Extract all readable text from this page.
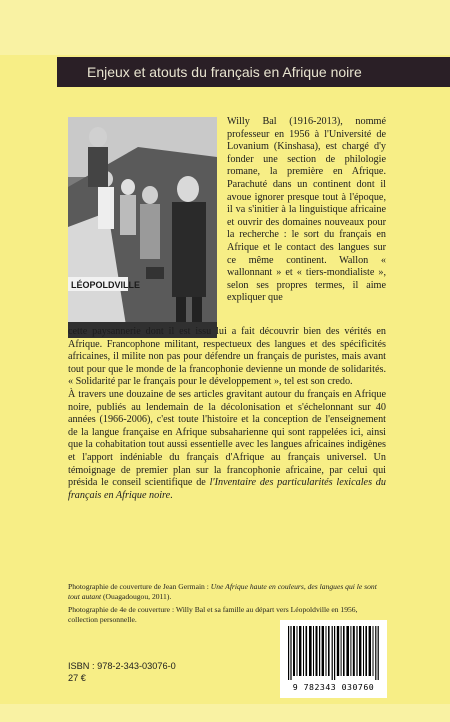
Enjeux et atouts du français en Afrique noire
LÉOPOLDVILLE

Willy Bal (1916-2013), nommé professeur en 1956 à l'Université de Lovanium (Kinshasa), est chargé d'y fonder une section de philologie romane, la première en Afrique. Parachuté dans un continent dont il avoue ignorer presque tout à l'époque, il va s'initier à la linguistique africaine et ouvrir des domaines nouveaux pour la recherche : le sort du français en Afrique et le contact des langues sur ce même continent. Wallon « wallonnant » et « tiers-mondialiste », selon ses propres termes, il aime expliquer que

cette paysannerie dont il est issu lui a fait découvrir bien des vérités en Afrique. Francophone militant, respectueux des langues et des spécificités africaines, il milite non pas pour défendre un français de puristes, mais avant tout pour que le monde de la francophonie devienne un monde de solidarités. « Solidarité par le français pour le développement », tel est son credo.

À travers une douzaine de ses articles gravitant autour du français en Afrique noire, publiés au lendemain de la décolonisation et s'échelonnant sur 40 années (1966-2006), c'est toute l'histoire et la conception de l'enseignement de la langue française en Afrique subsaharienne qui sont rappelées ici, ainsi que la cohabitation tout aussi essentielle avec les langues africaines indigènes et l'apport indéniable du français d'Afrique au français universel. Un témoignage de premier plan sur la francophonie africaine, par celui qui présida le conseil scientifique de l'Inventaire des particularités lexicales du français en Afrique noire.

Photographie de couverture de Jean Germain : Une Afrique haute en couleurs, des langues qui le sont tout autant (Ouagadougou, 2011).

Photographie de 4e de couverture : Willy Bal et sa famille au départ vers Léopoldville en 1956, collection personnelle.

ISBN : 978-2-343-03076-0
27 €
9 782343 030760
